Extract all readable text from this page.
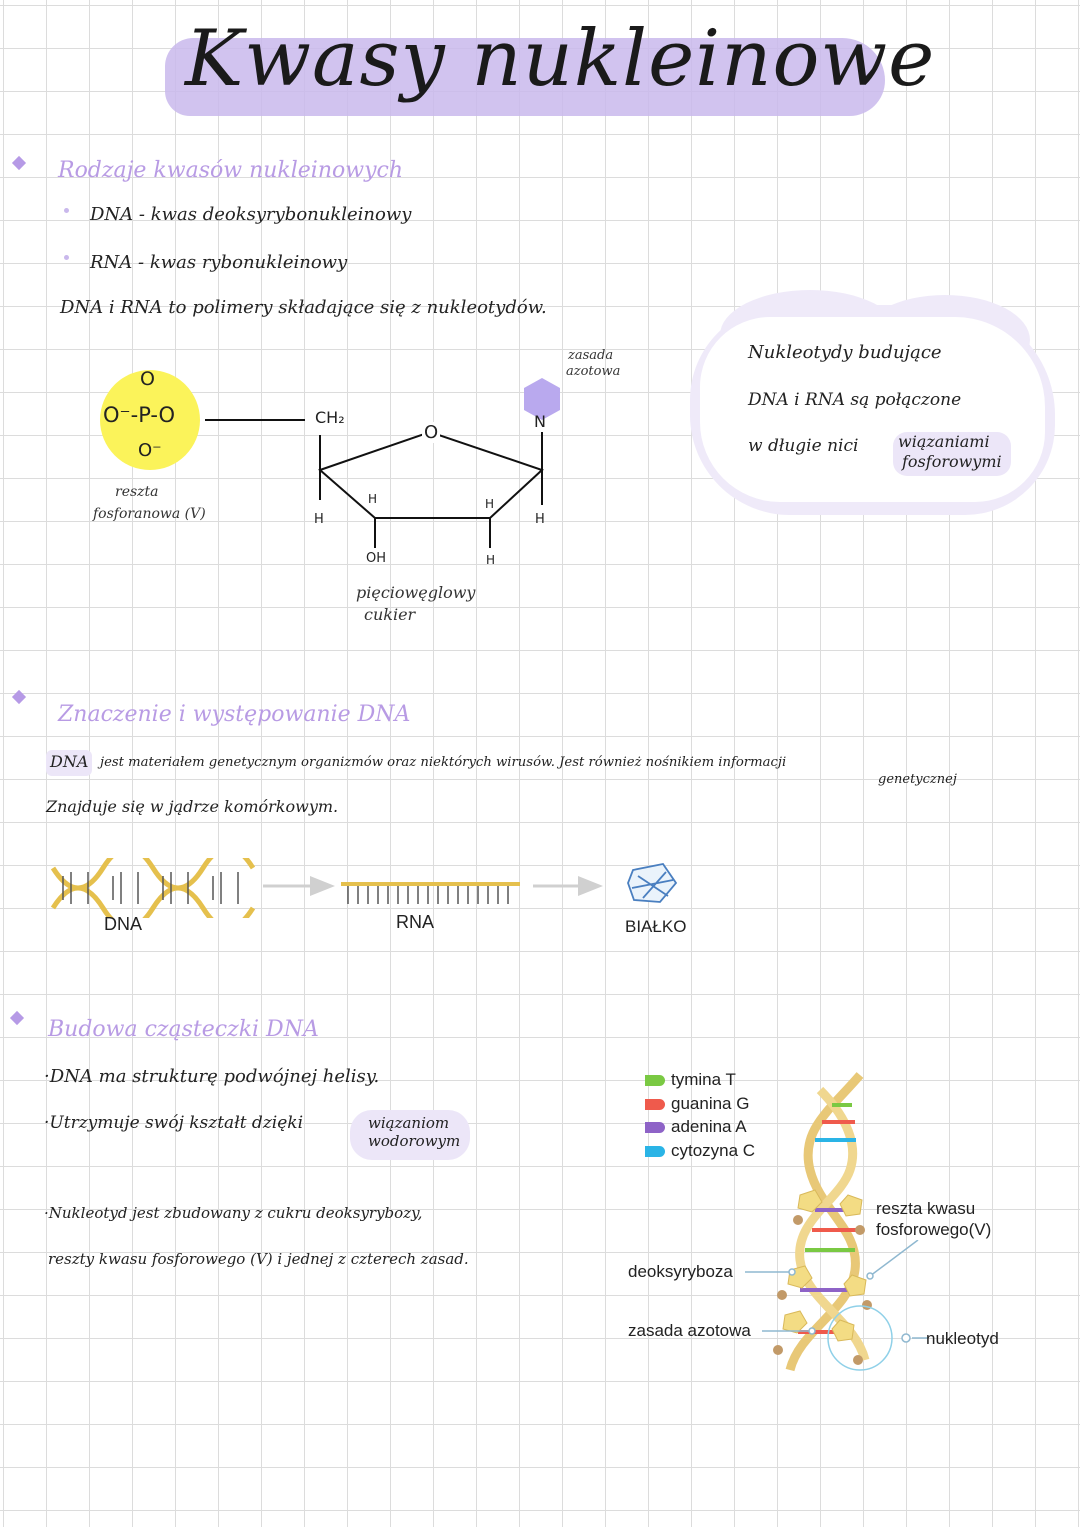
Kwasy nukleinowe
Rodzaje kwasów nukleinowych
DNA - kwas deoksyrybonukleinowy
RNA - kwas rybonukleinowy
DNA i RNA to polimery składające się z nukleotydów.
O
O⁻-P-O
O⁻
reszta
fosforanowa (V)
CH₂
O
N
zasada
azotowa
H
H	H
H
H
OH
pięciowęglowy
cukier
Nukleotydy budujące
DNA i RNA są połączone
w długie nici wiązaniami
fosforowymi
Znaczenie i występowanie DNA
DNA jest materiałem genetycznym organizmów oraz niektórych wirusów. Jest również nośnikiem informacji
genetycznej
Znajduje się w jądrze komórkowym.
DNA	RNA	BIAŁKO
Budowa cząsteczki DNA
·DNA ma strukturę podwójnej helisy.
·Utrzymuje swój kształt dzięki	wiązaniom
wodorowym
·Nukleotyd jest zbudowany z cukru deoksyrybozy,
reszty kwasu fosforowego (V) i jednej z czterech zasad.
tymina T
guanina G
adenina A
cytozyna C
reszta kwasu
fosforowego(V)
deoksyryboza
zasada azotowa	nukleotyd
